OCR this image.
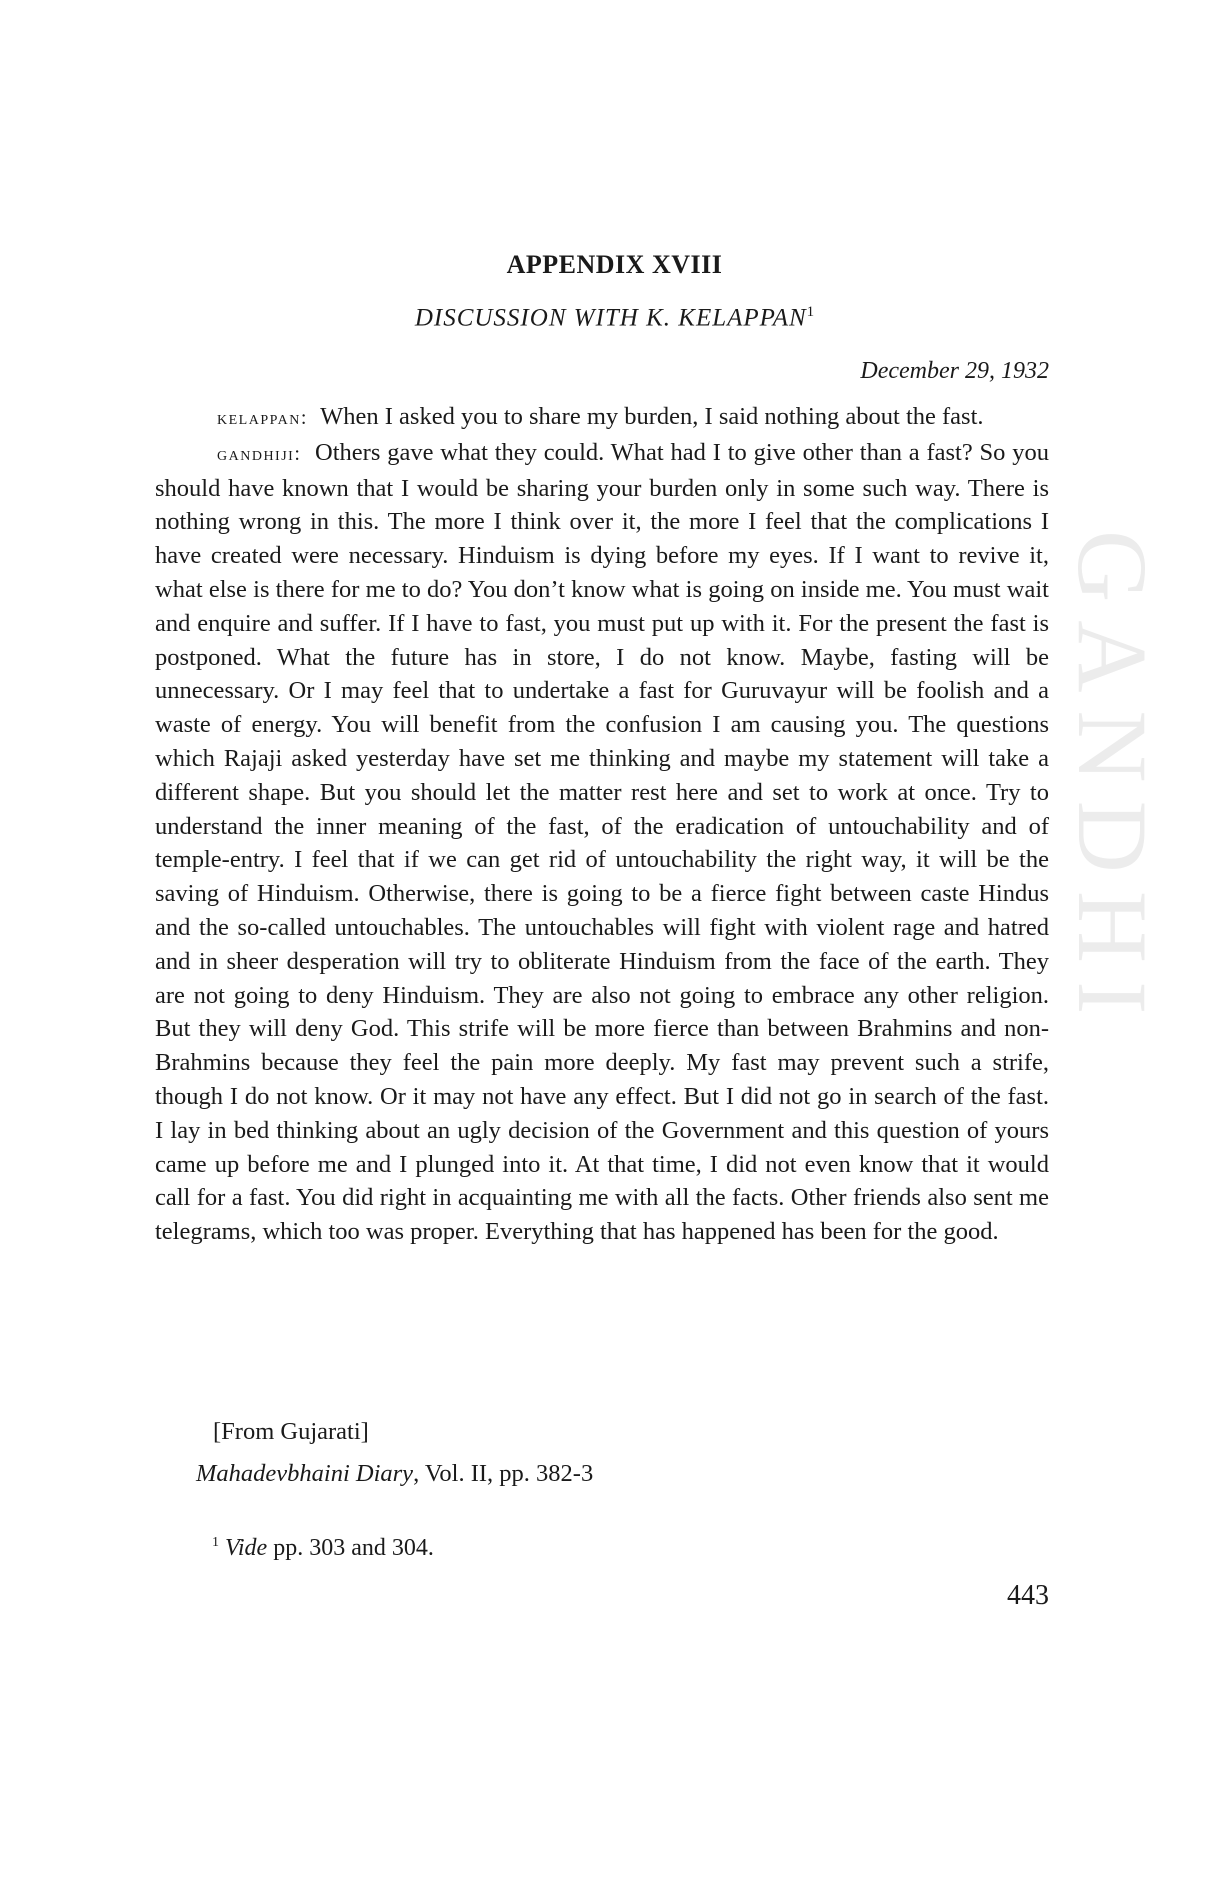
GANDHI
APPENDIX XVIII
DISCUSSION WITH K. KELAPPAN$^1$
December 29, 1932

kelappan: When I asked you to share my burden, I said nothing about the fast.

gandhiji: Others gave what they could. What had I to give other than a fast? So you should have known that I would be sharing your burden only in some such way. There is nothing wrong in this. The more I think over it, the more I feel that the complications I have created were necessary. Hinduism is dying before my eyes. If I want to revive it, what else is there for me to do? You don’t know what is going on inside me. You must wait and enquire and suffer. If I have to fast, you must put up with it. For the present the fast is postponed. What the future has in store, I do not know. Maybe, fasting will be unnecessary. Or I may feel that to undertake a fast for Guruvayur will be foolish and a waste of energy. You will benefit from the confusion I am causing you. The questions which Rajaji asked yesterday have set me thinking and maybe my statement will take a different shape. But you should let the matter rest here and set to work at once. Try to understand the inner meaning of the fast, of the eradication of untouchability and of temple-entry. I feel that if we can get rid of untouchability the right way, it will be the saving of Hinduism. Otherwise, there is going to be a fierce fight between caste Hindus and the so-called untouchables. The untouchables will fight with violent rage and hatred and in sheer desperation will try to obliterate Hinduism from the face of the earth. They are not going to deny Hinduism. They are also not going to embrace any other religion. But they will deny God. This strife will be more fierce than between Brahmins and non-Brahmins because they feel the pain more deeply. My fast may prevent such a strife, though I do not know. Or it may not have any effect. But I did not go in search of the fast. I lay in bed thinking about an ugly decision of the Government and this question of yours came up before me and I plunged into it. At that time, I did not even know that it would call for a fast. You did right in acquainting me with all the facts. Other friends also sent me telegrams, which too was proper. Everything that has happened has been for the good.

[From Gujarati]
Mahadevbhaini Diary, Vol. II, pp. 382-3
$^1$ Vide pp. 303 and 304.
443
